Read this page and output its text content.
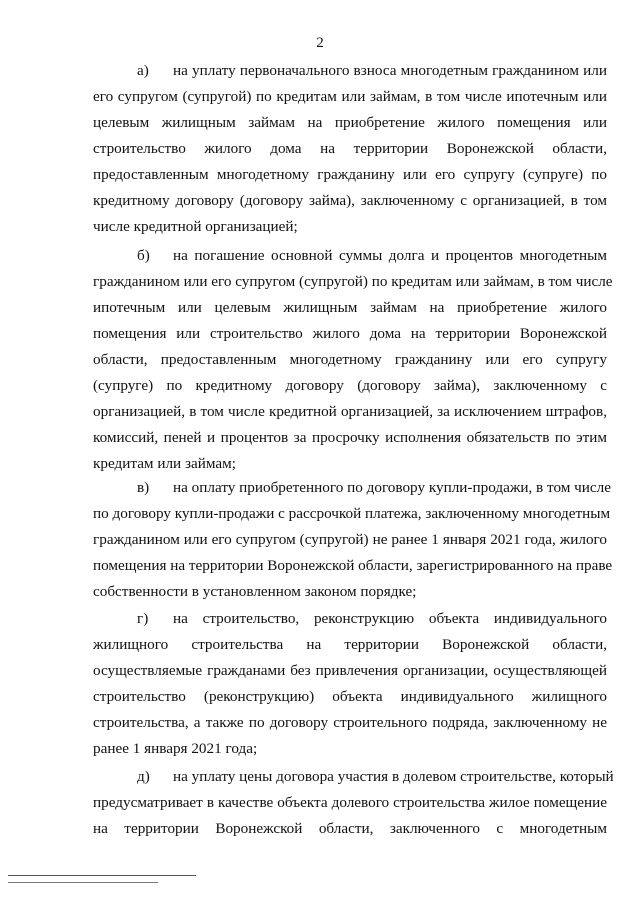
2
а) на уплату первоначального взноса многодетным гражданином или
его супругом (супругой) по кредитам или займам, в том числе ипотечным или
целевым жилищным займам на приобретение жилого помещения или
строительство жилого дома на территории Воронежской области,
предоставленным многодетному гражданину или его супругу (супруге) по
кредитному договору (договору займа), заключенному с организацией, в том
числе кредитной организацией;
б) на погашение основной суммы долга и процентов многодетным
гражданином или его супругом (супругой) по кредитам или займам, в том числе
ипотечным или целевым жилищным займам на приобретение жилого
помещения или строительство жилого дома на территории Воронежской
области, предоставленным многодетному гражданину или его супругу
(супруге) по кредитному договору (договору займа), заключенному с
организацией, в том числе кредитной организацией, за исключением штрафов,
комиссий, пеней и процентов за просрочку исполнения обязательств по этим
кредитам или займам;
в) на оплату приобретенного по договору купли-продажи, в том числе
по договору купли-продажи с рассрочкой платежа, заключенному многодетным
гражданином или его супругом (супругой) не ранее 1 января 2021 года, жилого
помещения на территории Воронежской области, зарегистрированного на праве
собственности в установленном законом порядке;
г) на строительство, реконструкцию объекта индивидуального
жилищного строительства на территории Воронежской области,
осуществляемые гражданами без привлечения организации, осуществляющей
строительство (реконструкцию) объекта индивидуального жилищного
строительства, а также по договору строительного подряда, заключенному не
ранее 1 января 2021 года;
д) на уплату цены договора участия в долевом строительстве, который
предусматривает в качестве объекта долевого строительства жилое помещение
на территории Воронежской области, заключенного с многодетным
